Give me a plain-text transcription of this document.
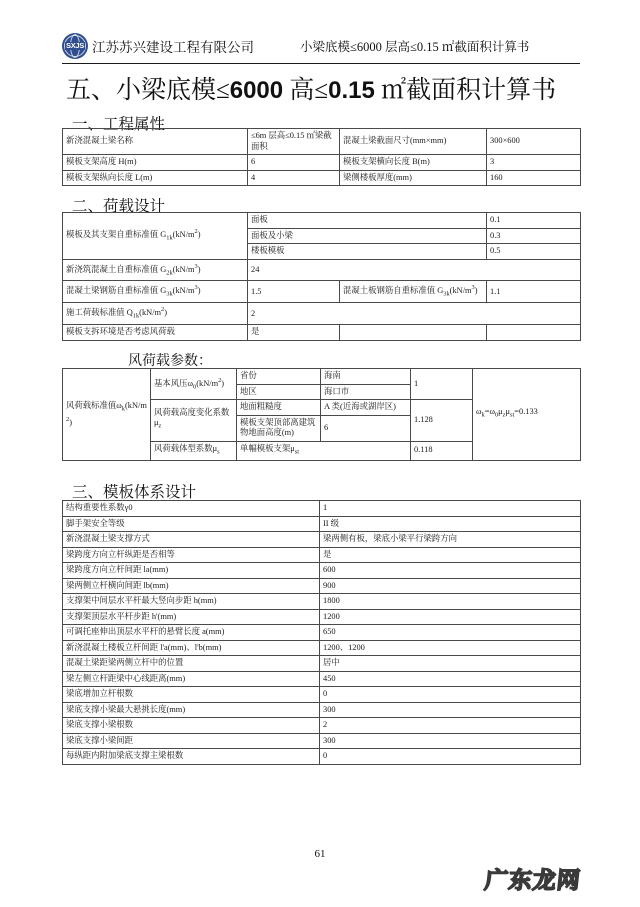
SXJS 江苏苏兴建设工程有限公司	小梁底模≤6000 层高≤0.15 ㎡截面积计算书
五、小梁底模≤6000 高≤0.15 ㎡截面积计算书
一、工程属性
新浇混凝土梁名称	≤6m 层高≤0.15 ㎡梁截面积	混凝土梁截面尺寸(mm×mm)	300×600
模板支架高度 H(m)	6	模板支架横向长度 B(m)	3
模板支架纵向长度 L(m)	4	梁侧楼板厚度(mm)	160
二、荷载设计
模板及其支架自重标准值 $G_{1k}(kN/m^2)$	面板		0.1
	面板及小梁		0.3
	楼板模板		0.5
新浇筑混凝土自重标准值 $G_{2k}(kN/m^3)$	24		
混凝土梁钢筋自重标准值 $G_{3k}(kN/m^3)$	1.5	混凝土板钢筋自重标准值 $G_{3k}(kN/m^3)$	1.1
施工荷载标准值 $Q_{1k}(kN/m^2)$	2		
模板支拆环境是否考虑风荷载	是		
风荷载参数：
风荷载标准值$\omega_k(kN/m^2)$	基本风压$\omega_0(kN/m^2)$	省份	海南	1	$\omega_k=\omega_0\mu_z\mu_{st}=0.133$
		地区	海口市		
	风荷载高度变化系数$\mu_z$	地面粗糙度	A 类(近海或湖岸区)	1.128	
		模板支架顶部离建筑物地面高度(m)	6		
	风荷载体型系数$\mu_s$	单幅模板支架$\mu_{st}$		0.118	
三、模板体系设计
结构重要性系数γ0	1
脚手架安全等级	II 级
新浇混凝土梁支撑方式	梁两侧有板，梁底小梁平行梁跨方向
梁跨度方向立杆纵距是否相等	是
梁跨度方向立杆间距 la(mm)	600
梁两侧立杆横向间距 lb(mm)	900
支撑架中间层水平杆最大竖向步距 h(mm)	1800
支撑架顶层水平杆步距 h'(mm)	1200
可调托座伸出顶层水平杆的悬臂长度 a(mm)	650
新浇混凝土楼板立杆间距 l'a(mm)、l'b(mm)	1200、1200
混凝土梁距梁两侧立杆中的位置	居中
梁左侧立杆距梁中心线距离(mm)	450
梁底增加立杆根数	0
梁底支撑小梁最大悬挑长度(mm)	300
梁底支撑小梁根数	2
梁底支撑小梁间距	300
每纵距内附加梁底支撑主梁根数	0
61
广东龙网
